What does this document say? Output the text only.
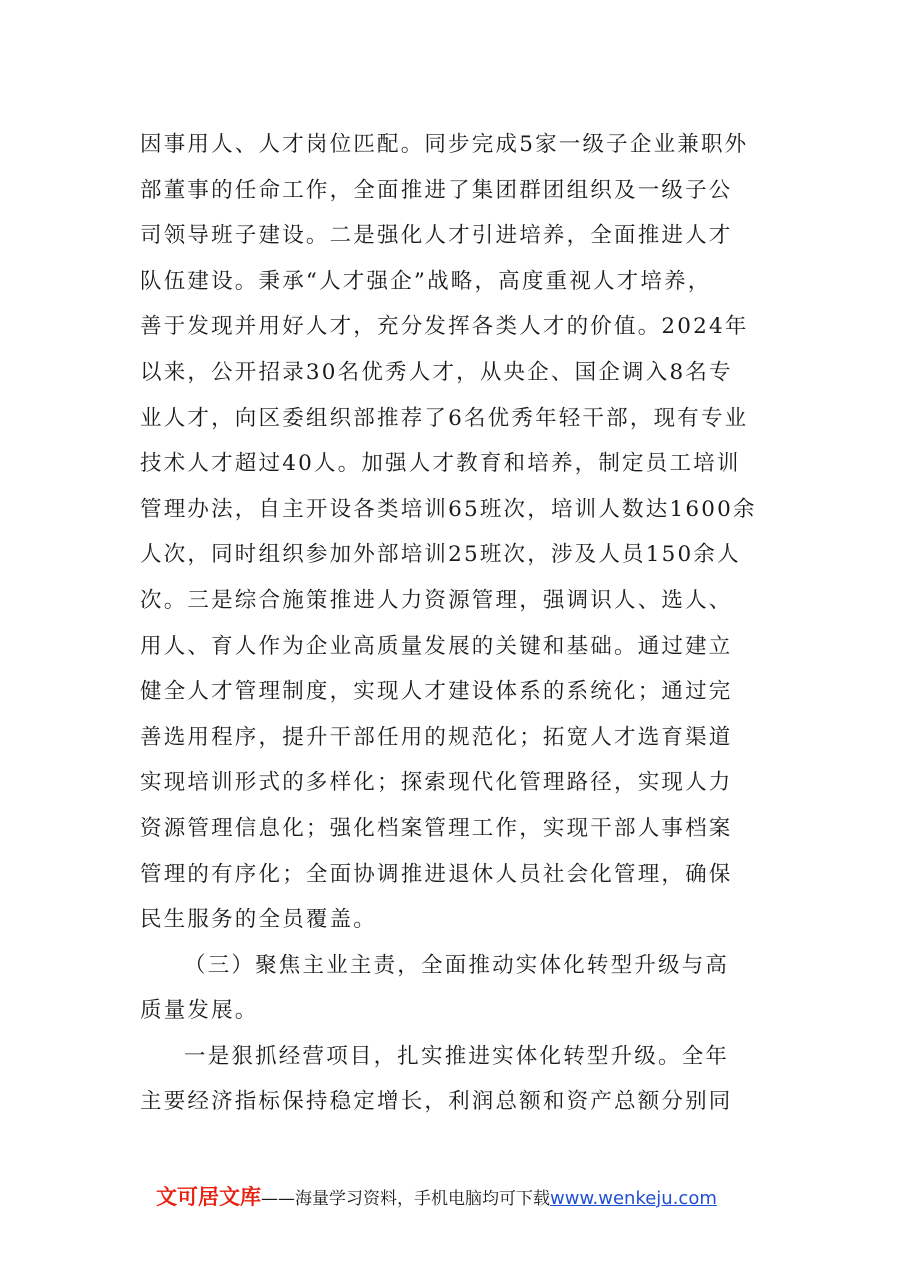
因事用人、人才岗位匹配。同步完成5家一级子企业兼职外
部董事的任命工作，全面推进了集团群团组织及一级子公
司领导班子建设。二是强化人才引进培养，全面推进人才
队伍建设。秉承“人才强企”战略，高度重视人才培养，
善于发现并用好人才，充分发挥各类人才的价值。2024年
以来，公开招录30名优秀人才，从央企、国企调入8名专
业人才，向区委组织部推荐了6名优秀年轻干部，现有专业
技术人才超过40人。加强人才教育和培养，制定员工培训
管理办法，自主开设各类培训65班次，培训人数达1600余
人次，同时组织参加外部培训25班次，涉及人员150余人
次。三是综合施策推进人力资源管理，强调识人、选人、
用人、育人作为企业高质量发展的关键和基础。通过建立
健全人才管理制度，实现人才建设体系的系统化；通过完
善选用程序，提升干部任用的规范化；拓宽人才选育渠道
实现培训形式的多样化；探索现代化管理路径，实现人力
资源管理信息化；强化档案管理工作，实现干部人事档案
管理的有序化；全面协调推进退休人员社会化管理，确保
民生服务的全员覆盖。
（三）聚焦主业主责，全面推动实体化转型升级与高
质量发展。
一是狠抓经营项目，扎实推进实体化转型升级。全年
主要经济指标保持稳定增长，利润总额和资产总额分别同
文可居文库——海量学习资料，手机电脑均可下载www.wenkeju.com
